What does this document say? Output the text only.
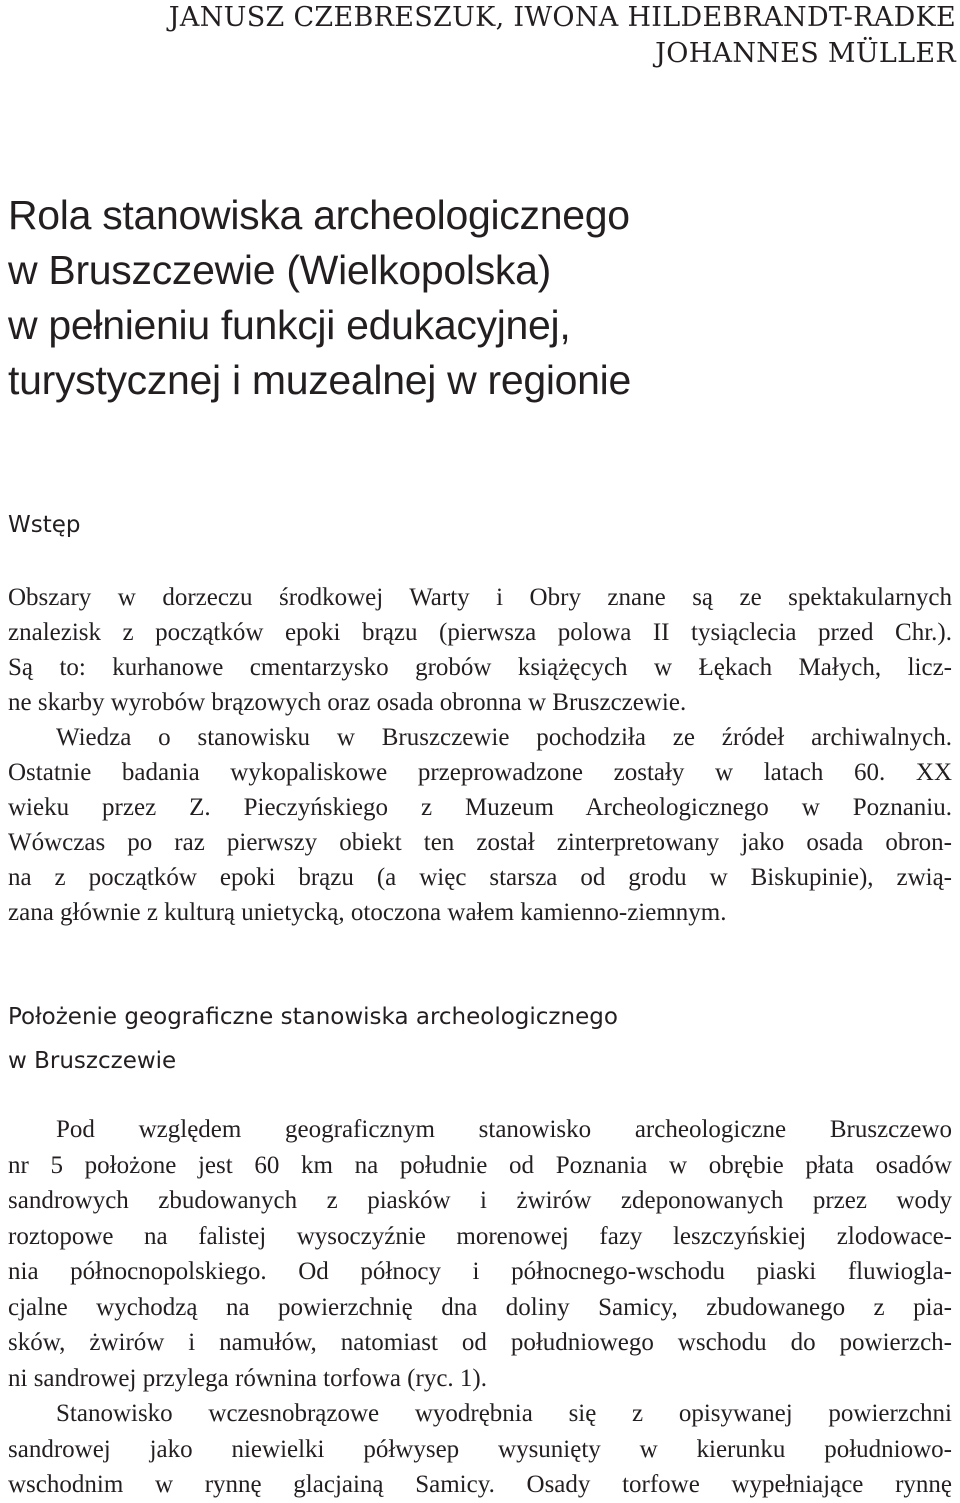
JANUSZ CZEBRESZUK, IWONA HILDEBRANDT-RADKE
JOHANNES MÜLLER
Rola stanowiska archeologicznego
w Bruszczewie (Wielkopolska)
w pełnieniu funkcji edukacyjnej,
turystycznej i muzealnej w regionie
Wstęp
Obszary w dorzeczu środkowej Warty i Obry znane są ze spektakularnych
znalezisk z początków epoki brązu (pierwsza polowa II tysiąclecia przed Chr.).
Są to: kurhanowe cmentarzysko grobów książęcych w Łękach Małych, licz-
ne skarby wyrobów brązowych oraz osada obronna w Bruszczewie.
Wiedza o stanowisku w Bruszczewie pochodziła ze źródeł archiwalnych.
Ostatnie badania wykopaliskowe przeprowadzone zostały w latach 60. XX
wieku przez Z. Pieczyńskiego z Muzeum Archeologicznego w Poznaniu.
Wówczas po raz pierwszy obiekt ten został zinterpretowany jako osada obron-
na z początków epoki brązu (a więc starsza od grodu w Biskupinie), zwią-
zana głównie z kulturą unietycką, otoczona wałem kamienno-ziemnym.
Położenie geograficzne stanowiska archeologicznego
w Bruszczewie
Pod względem geograficznym stanowisko archeologiczne Bruszczewo
nr 5 położone jest 60 km na południe od Poznania w obrębie płata osadów
sandrowych zbudowanych z piasków i żwirów zdeponowanych przez wody
roztopowe na falistej wysoczyźnie morenowej fazy leszczyńskiej zlodowace-
nia północnopolskiego. Od północy i północnego-wschodu piaski fluwiogla-
cjalne wychodzą na powierzchnię dna doliny Samicy, zbudowanego z pia-
sków, żwirów i namułów, natomiast od południowego wschodu do powierzch-
ni sandrowej przylega równina torfowa (ryc. 1).
Stanowisko wczesnobrązowe wyodrębnia się z opisywanej powierzchni
sandrowej jako niewielki półwysep wysunięty w kierunku południowo-
wschodnim w rynnę glacjainą Samicy. Osady torfowe wypełniające rynnę
